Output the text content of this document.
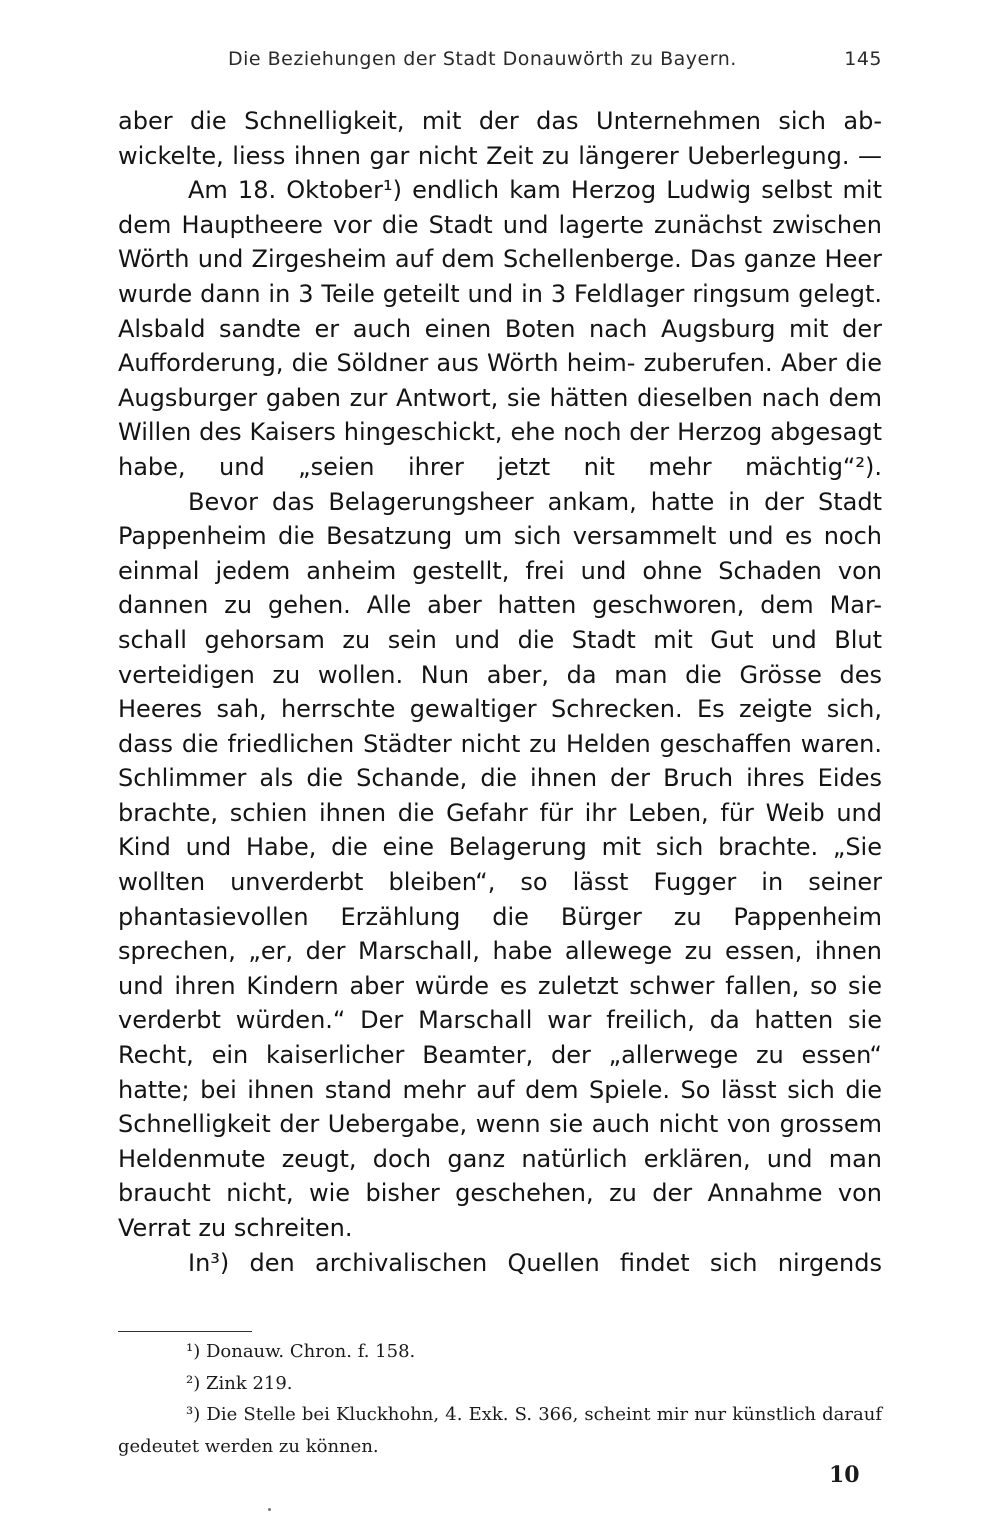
Die Beziehungen der Stadt Donauwörth zu Bayern.	145

aber die Schnelligkeit, mit der das Unternehmen sich ab- wickelte, liess ihnen gar nicht Zeit zu längerer Ueberlegung. —

Am 18. Oktober¹) endlich kam Herzog Ludwig selbst mit dem Hauptheere vor die Stadt und lagerte zunächst zwischen Wörth und Zirgesheim auf dem Schellenberge. Das ganze Heer wurde dann in 3 Teile geteilt und in 3 Feldlager ringsum gelegt. Alsbald sandte er auch einen Boten nach Augsburg mit der Aufforderung, die Söldner aus Wörth heim- zuberufen. Aber die Augsburger gaben zur Antwort, sie hätten dieselben nach dem Willen des Kaisers hingeschickt, ehe noch der Herzog abgesagt habe, und „seien ihrer jetzt nit mehr mächtig“²).

Bevor das Belagerungsheer ankam, hatte in der Stadt Pappenheim die Besatzung um sich versammelt und es noch einmal jedem anheim gestellt, frei und ohne Schaden von dannen zu gehen. Alle aber hatten geschworen, dem Mar- schall gehorsam zu sein und die Stadt mit Gut und Blut verteidigen zu wollen. Nun aber, da man die Grösse des Heeres sah, herrschte gewaltiger Schrecken. Es zeigte sich, dass die friedlichen Städter nicht zu Helden geschaffen waren. Schlimmer als die Schande, die ihnen der Bruch ihres Eides brachte, schien ihnen die Gefahr für ihr Leben, für Weib und Kind und Habe, die eine Belagerung mit sich brachte. „Sie wollten unverderbt bleiben“, so lässt Fugger in seiner phantasievollen Erzählung die Bürger zu Pappenheim sprechen, „er, der Marschall, habe allewege zu essen, ihnen und ihren Kindern aber würde es zuletzt schwer fallen, so sie verderbt würden.“ Der Marschall war freilich, da hatten sie Recht, ein kaiserlicher Beamter, der „allerwege zu essen“ hatte; bei ihnen stand mehr auf dem Spiele. So lässt sich die Schnelligkeit der Uebergabe, wenn sie auch nicht von grossem Heldenmute zeugt, doch ganz natürlich erklären, und man braucht nicht, wie bisher geschehen, zu der Annahme von Verrat zu schreiten.

In³) den archivalischen Quellen findet sich nirgends

¹) Donauw. Chron. f. 158.

²) Zink 219.

³) Die Stelle bei Kluckhohn, 4. Exk. S. 366, scheint mir nur künstlich darauf gedeutet werden zu können.

10
